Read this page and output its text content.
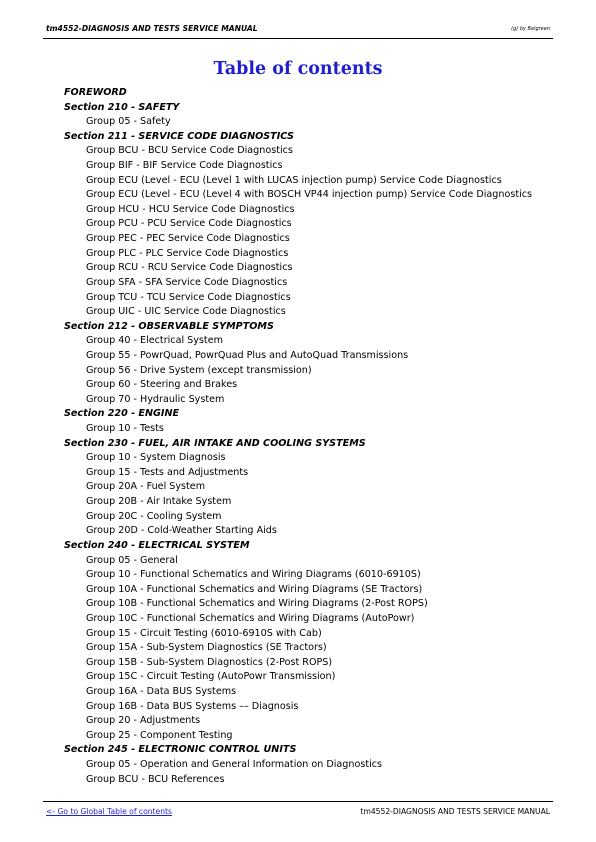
tm4552-DIAGNOSIS AND TESTS SERVICE MANUAL	(g) by Belgreen
Table of contents
FOREWORD
Section 210 - SAFETY
Group 05 - Safety
Section 211 - SERVICE CODE DIAGNOSTICS
Group BCU - BCU Service Code Diagnostics
Group BIF - BIF Service Code Diagnostics
Group ECU (Level - ECU (Level 1 with LUCAS injection pump) Service Code Diagnostics
Group ECU (Level - ECU (Level 4 with BOSCH VP44 injection pump) Service Code Diagnostics
Group HCU - HCU Service Code Diagnostics
Group PCU - PCU Service Code Diagnostics
Group PEC - PEC Service Code Diagnostics
Group PLC - PLC Service Code Diagnostics
Group RCU - RCU Service Code Diagnostics
Group SFA - SFA Service Code Diagnostics
Group TCU - TCU Service Code Diagnostics
Group UIC - UIC Service Code Diagnostics
Section 212 - OBSERVABLE SYMPTOMS
Group 40 - Electrical System
Group 55 - PowrQuad, PowrQuad Plus and AutoQuad Transmissions
Group 56 - Drive System (except transmission)
Group 60 - Steering and Brakes
Group 70 - Hydraulic System
Section 220 - ENGINE
Group 10 - Tests
Section 230 - FUEL, AIR INTAKE AND COOLING SYSTEMS
Group 10 - System Diagnosis
Group 15 - Tests and Adjustments
Group 20A - Fuel System
Group 20B - Air Intake System
Group 20C - Cooling System
Group 20D - Cold-Weather Starting Aids
Section 240 - ELECTRICAL SYSTEM
Group 05 - General
Group 10 - Functional Schematics and Wiring Diagrams (6010-6910S)
Group 10A - Functional Schematics and Wiring Diagrams (SE Tractors)
Group 10B - Functional Schematics and Wiring Diagrams (2-Post ROPS)
Group 10C - Functional Schematics and Wiring Diagrams (AutoPowr)
Group 15 - Circuit Testing (6010-6910S with Cab)
Group 15A - Sub-System Diagnostics (SE Tractors)
Group 15B - Sub-System Diagnostics (2-Post ROPS)
Group 15C - Circuit Testing (AutoPowr Transmission)
Group 16A - Data BUS Systems
Group 16B - Data BUS Systems –– Diagnosis
Group 20 - Adjustments
Group 25 - Component Testing
Section 245 - ELECTRONIC CONTROL UNITS
Group 05 - Operation and General Information on Diagnostics
Group BCU - BCU References
<- Go to Global Table of contents	tm4552-DIAGNOSIS AND TESTS SERVICE MANUAL
